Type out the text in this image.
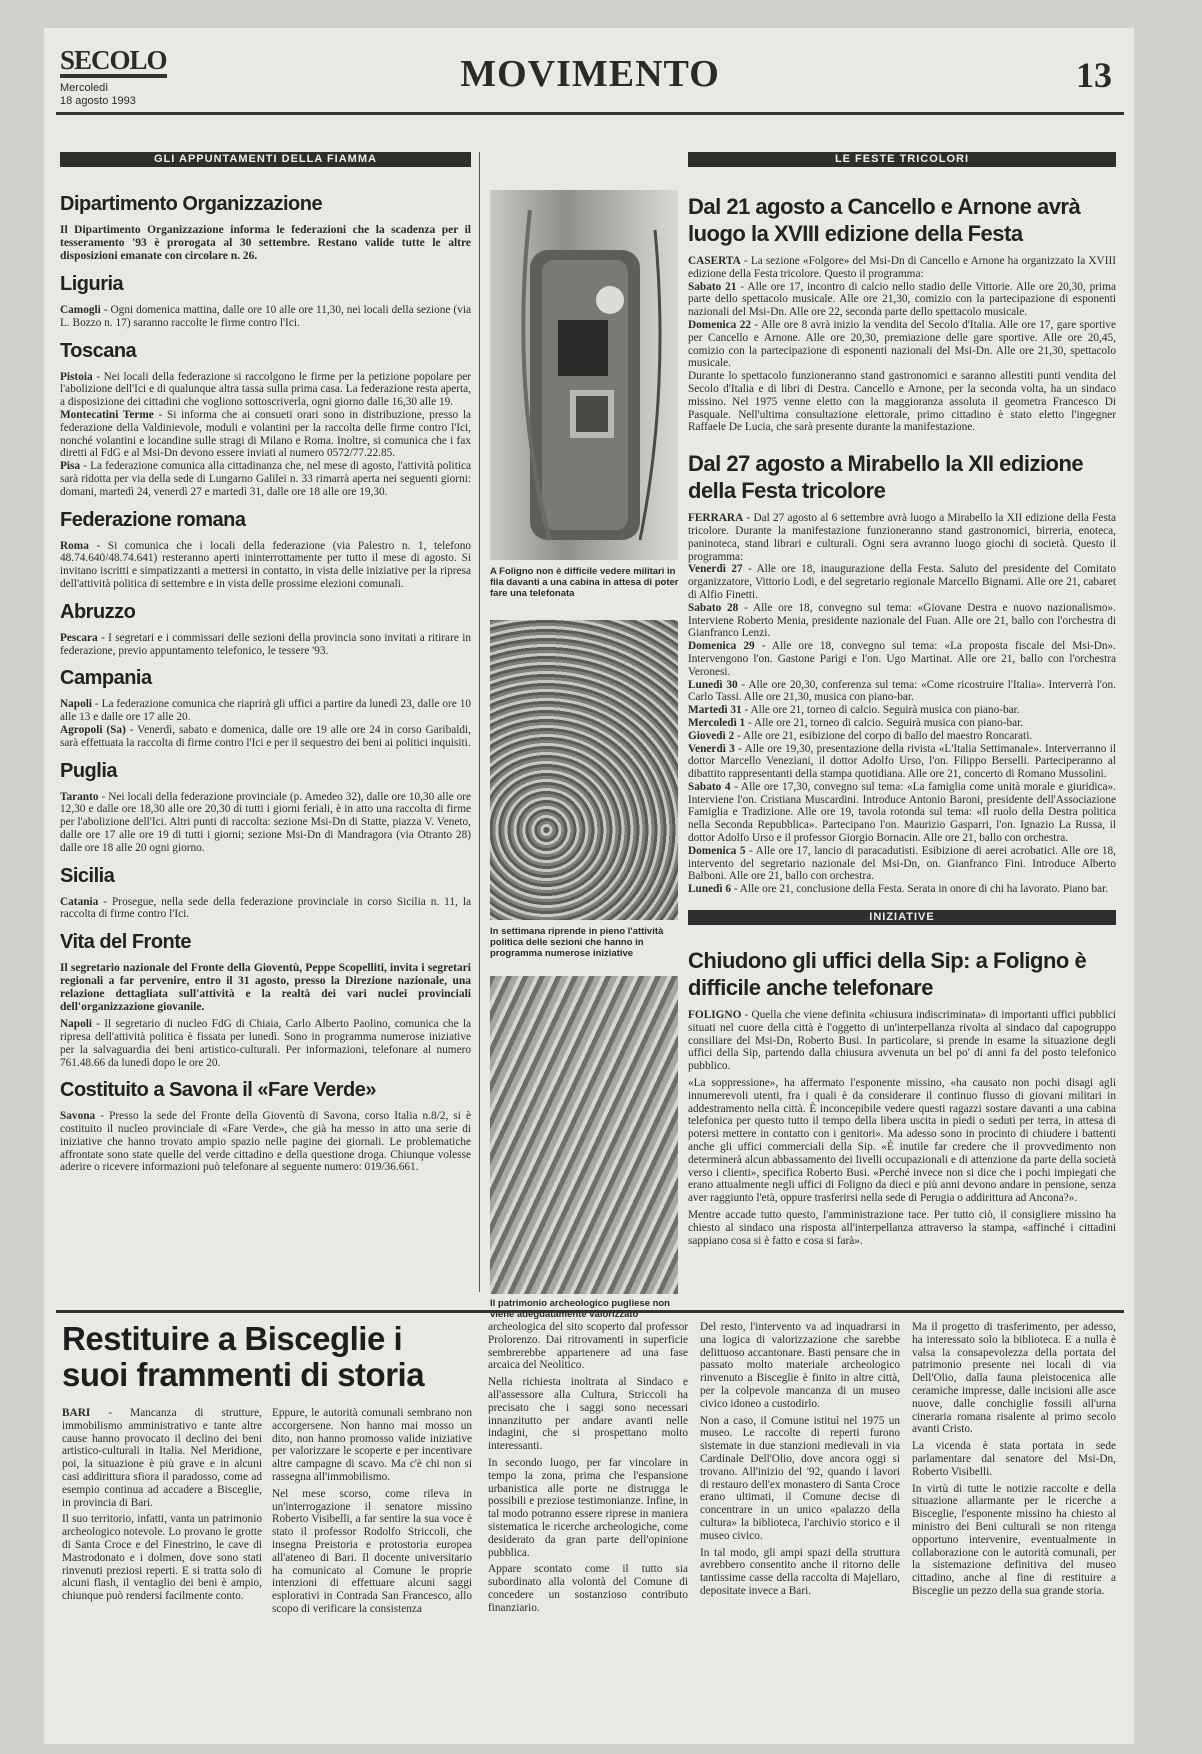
SECOLO
Mercoledì
18 agosto 1993
MOVIMENTO	13
GLI APPUNTAMENTI DELLA FIAMMA
Dipartimento Organizzazione

Il Dipartimento Organizzazione informa le federazioni che la scadenza per il tesseramento '93 è prorogata al 30 settembre. Restano valide tutte le altre disposizioni emanate con circolare n. 26.

Liguria

Camogli - Ogni domenica mattina, dalle ore 10 alle ore 11,30, nei locali della sezione (via L. Bozzo n. 17) saranno raccolte le firme contro l'Ici.

Toscana

Pistoia - Nei locali della federazione si raccolgono le firme per la petizione popolare per l'abolizione dell'Ici e di qualunque altra tassa sulla prima casa. La federazione resta aperta, a disposizione dei cittadini che vogliono sottoscriverla, ogni giorno dalle 16,30 alle 19.
Montecatini Terme - Si informa che ai consueti orari sono in distribuzione, presso la federazione della Valdinievole, moduli e volantini per la raccolta delle firme contro l'Ici, nonché volantini e locandine sulle stragi di Milano e Roma. Inoltre, si comunica che i fax diretti al FdG e al Msi-Dn devono essere inviati al numero 0572/77.22.85.
Pisa - La federazione comunica alla cittadinanza che, nel mese di agosto, l'attività politica sarà ridotta per via della sede di Lungarno Galilei n. 33 rimarrà aperta nei seguenti giorni: domani, martedì 24, venerdì 27 e martedì 31, dalle ore 18 alle ore 19,30.

Federazione romana

Roma - Si comunica che i locali della federazione (via Palestro n. 1, telefono 48.74.640/48.74.641) resteranno aperti ininterrottamente per tutto il mese di agosto. Si invitano iscritti e simpatizzanti a mettersi in contatto, in vista delle iniziative per la ripresa dell'attività politica di settembre e in vista delle prossime elezioni comunali.

Abruzzo

Pescara - I segretari e i commissari delle sezioni della provincia sono invitati a ritirare in federazione, previo appuntamento telefonico, le tessere '93.

Campania

Napoli - La federazione comunica che riaprirà gli uffici a partire da lunedì 23, dalle ore 10 alle 13 e dalle ore 17 alle 20.
Agropoli (Sa) - Venerdì, sabato e domenica, dalle ore 19 alle ore 24 in corso Garibaldi, sarà effettuata la raccolta di firme contro l'Ici e per il sequestro dei beni ai politici inquisiti.

Puglia

Taranto - Nei locali della federazione provinciale (p. Amedeo 32), dalle ore 10,30 alle ore 12,30 e dalle ore 18,30 alle ore 20,30 di tutti i giorni feriali, è in atto una raccolta di firme per l'abolizione dell'Ici. Altri punti di raccolta: sezione Msi-Dn di Statte, piazza V. Veneto, dalle ore 17 alle ore 19 di tutti i giorni; sezione Msi-Dn di Mandragora (via Otranto 28) dalle ore 18 alle 20 ogni giorno.

Sicilia

Catania - Prosegue, nella sede della federazione provinciale in corso Sicilia n. 11, la raccolta di firme contro l'Ici.

Vita del Fronte

Il segretario nazionale del Fronte della Gioventù, Peppe Scopelliti, invita i segretari regionali a far pervenire, entro il 31 agosto, presso la Direzione nazionale, una relazione dettagliata sull'attività e la realtà dei vari nuclei provinciali dell'organizzazione giovanile.

Napoli - Il segretario di nucleo FdG di Chiaia, Carlo Alberto Paolino, comunica che la ripresa dell'attività politica è fissata per lunedì. Sono in programma numerose iniziative per la salvaguardia dei beni artistico-culturali. Per informazioni, telefonare al numero 761.48.66 da lunedì dopo le ore 20.

Costituito a Savona il «Fare Verde»

Savona - Presso la sede del Fronte della Gioventù di Savona, corso Italia n.8/2, si è costituito il nucleo provinciale di «Fare Verde», che già ha messo in atto una serie di iniziative che hanno trovato ampio spazio nelle pagine dei giornali. Le problematiche affrontate sono state quelle del verde cittadino e della questione droga. Chiunque volesse aderire o ricevere informazioni può telefonare al seguente numero: 019/36.661.

A Foligno non è difficile vedere militari in fila davanti a una cabina in attesa di poter fare una telefonata
In settimana riprende in pieno l'attività politica delle sezioni che hanno in programma numerose iniziative
Il patrimonio archeologico pugliese non viene adeguatamente valorizzato
LE FESTE TRICOLORI
Dal 21 agosto a Cancello e Arnone avrà luogo la XVIII edizione della Festa

CASERTA - La sezione «Folgore» del Msi-Dn di Cancello e Arnone ha organizzato la XVIII edizione della Festa tricolore. Questo il programma:
Sabato 21 - Alle ore 17, incontro di calcio nello stadio delle Vittorie. Alle ore 20,30, prima parte dello spettacolo musicale. Alle ore 21,30, comizio con la partecipazione di esponenti nazionali del Msi-Dn. Alle ore 22, seconda parte dello spettacolo musicale.
Domenica 22 - Alle ore 8 avrà inizio la vendita del Secolo d'Italia. Alle ore 17, gare sportive per Cancello e Arnone. Alle ore 20,30, premiazione delle gare sportive. Alle ore 20,45, comizio con la partecipazione di esponenti nazionali del Msi-Dn. Alle ore 21,30, spettacolo musicale.
Durante lo spettacolo funzioneranno stand gastronomici e saranno allestiti punti vendita del Secolo d'Italia e di libri di Destra. Cancello e Arnone, per la seconda volta, ha un sindaco missino. Nel 1975 venne eletto con la maggioranza assoluta il geometra Francesco Di Pasquale. Nell'ultima consultazione elettorale, primo cittadino è stato eletto l'ingegner Raffaele De Lucia, che sarà presente durante la manifestazione.

Dal 27 agosto a Mirabello la XII edizione della Festa tricolore

FERRARA - Dal 27 agosto al 6 settembre avrà luogo a Mirabello la XII edizione della Festa tricolore. Durante la manifestazione funzioneranno stand gastronomici, birreria, enoteca, paninoteca, stand librari e culturali. Ogni sera avranno luogo giochi di società. Questo il programma:
Venerdì 27 - Alle ore 18, inaugurazione della Festa. Saluto del presidente del Comitato organizzatore, Vittorio Lodi, e del segretario regionale Marcello Bignami. Alle ore 21, cabaret di Alfio Finetti.
Sabato 28 - Alle ore 18, convegno sul tema: «Giovane Destra e nuovo nazionalismo». Interviene Roberto Menia, presidente nazionale del Fuan. Alle ore 21, ballo con l'orchestra di Gianfranco Lenzi.
Domenica 29 - Alle ore 18, convegno sul tema: «La proposta fiscale del Msi-Dn». Intervengono l'on. Gastone Parigi e l'on. Ugo Martinat. Alle ore 21, ballo con l'orchestra Veronesi.
Lunedì 30 - Alle ore 20,30, conferenza sul tema: «Come ricostruire l'Italia». Interverrà l'on. Carlo Tassi. Alle ore 21,30, musica con piano-bar.
Martedì 31 - Alle ore 21, torneo di calcio. Seguirà musica con piano-bar.
Mercoledì 1 - Alle ore 21, torneo di calcio. Seguirà musica con piano-bar.
Giovedì 2 - Alle ore 21, esibizione del corpo di ballo del maestro Roncarati.
Venerdì 3 - Alle ore 19,30, presentazione della rivista «L'Italia Settimanale». Interverranno il dottor Marcello Veneziani, il dottor Adolfo Urso, l'on. Filippo Berselli. Parteciperanno al dibattito rappresentanti della stampa quotidiana. Alle ore 21, concerto di Romano Mussolini.
Sabato 4 - Alle ore 17,30, convegno sul tema: «La famiglia come unità morale e giuridica». Interviene l'on. Cristiana Muscardini. Introduce Antonio Baroni, presidente dell'Associazione Famiglia e Tradizione. Alle ore 19, tavola rotonda sul tema: «Il ruolo della Destra politica nella Seconda Repubblica». Partecipano l'on. Maurizio Gasparri, l'on. Ignazio La Russa, il dottor Adolfo Urso e il professor Giorgio Bornacin. Alle ore 21, ballo con orchestra.
Domenica 5 - Alle ore 17, lancio di paracadutisti. Esibizione di aerei acrobatici. Alle ore 18, intervento del segretario nazionale del Msi-Dn, on. Gianfranco Fini. Introduce Alberto Balboni. Alle ore 21, ballo con orchestra.
Lunedì 6 - Alle ore 21, conclusione della Festa. Serata in onore di chi ha lavorato. Piano bar.

INIZIATIVE
Chiudono gli uffici della Sip: a Foligno è difficile anche telefonare

FOLIGNO - Quella che viene definita «chiusura indiscriminata» di importanti uffici pubblici situati nel cuore della città è l'oggetto di un'interpellanza rivolta al sindaco dal capogruppo consiliare del Msi-Dn, Roberto Busi. In particolare, si prende in esame la situazione degli uffici della Sip, partendo dalla chiusura avvenuta un bel po' di anni fa del posto telefonico pubblico.

«La soppressione», ha affermato l'esponente missino, «ha causato non pochi disagi agli innumerevoli utenti, fra i quali è da considerare il continuo flusso di giovani militari in addestramento nella città. È inconcepibile vedere questi ragazzi sostare davanti a una cabina telefonica per questo tutto il tempo della libera uscita in piedi o seduti per terra, in attesa di potersi mettere in contatto con i genitori». Ma adesso sono in procinto di chiudere i battenti anche gli uffici commerciali della Sip. «È inutile far credere che il provvedimento non determinerà alcun abbassamento dei livelli occupazionali e di attenzione da parte della società verso i clienti», specifica Roberto Busi. «Perché invece non si dice che i pochi impiegati che erano attualmente negli uffici di Foligno da dieci e più anni devono andare in pensione, senza aver raggiunto l'età, oppure trasferirsi nella sede di Perugia o addirittura ad Ancona?».

Mentre accade tutto questo, l'amministrazione tace. Per tutto ciò, il consigliere missino ha chiesto al sindaco una risposta all'interpellanza attraverso la stampa, «affinché i cittadini sappiano cosa si è fatto e cosa si farà».

Restituire a Bisceglie i suoi frammenti di storia

BARI - Mancanza di strutture, immobilismo amministrativo e tante altre cause hanno provocato il declino dei beni artistico-culturali in Italia. Nel Meridione, poi, la situazione è più grave e in alcuni casi addirittura sfiora il paradosso, come ad esempio continua ad accadere a Bisceglie, in provincia di Bari.

Il suo territorio, infatti, vanta un patrimonio archeologico notevole. Lo provano le grotte di Santa Croce e del Finestrino, le cave di Mastrodonato e i dolmen, dove sono stati rinvenuti preziosi reperti. E si tratta solo di alcuni flash, il ventaglio dei beni è ampio, chiunque può rendersi facilmente conto.

Eppure, le autorità comunali sembrano non accorgersene. Non hanno mai mosso un dito, non hanno promosso valide iniziative per valorizzare le scoperte e per incentivare altre campagne di scavo. Ma c'è chi non si rassegna all'immobilismo.

Nel mese scorso, come rileva in un'interrogazione il senatore missino Roberto Visibelli, a far sentire la sua voce è stato il professor Rodolfo Striccoli, che insegna Preistoria e protostoria europea all'ateneo di Bari. Il docente universitario ha comunicato al Comune le proprie intenzioni di effettuare alcuni saggi esplorativi in Contrada San Francesco, allo scopo di verificare la consistenza

archeologica del sito scoperto dal professor Prolorenzo. Dai ritrovamenti in superficie sembrerebbe appartenere ad una fase arcaica del Neolitico.

Nella richiesta inoltrata al Sindaco e all'assessore alla Cultura, Striccoli ha precisato che i saggi sono necessari innanzitutto per andare avanti nelle indagini, che si prospettano molto interessanti.

In secondo luogo, per far vincolare in tempo la zona, prima che l'espansione urbanistica alle porte ne distrugga le possibili e preziose testimonianze. Infine, in tal modo potranno essere riprese in maniera sistematica le ricerche archeologiche, come desiderato da gran parte dell'opinione pubblica.

Appare scontato come il tutto sia subordinato alla volontà del Comune di concedere un sostanzioso contributo finanziario.

Del resto, l'intervento va ad inquadrarsi in una logica di valorizzazione che sarebbe delittuoso accantonare. Basti pensare che in passato molto materiale archeologico rinvenuto a Bisceglie è finito in altre città, per la colpevole mancanza di un museo civico idoneo a custodirlo.

Non a caso, il Comune istituì nel 1975 un museo. Le raccolte di reperti furono sistemate in due stanzioni medievali in via Cardinale Dell'Olio, dove ancora oggi si trovano. All'inizio del '92, quando i lavori di restauro dell'ex monastero di Santa Croce erano ultimati, il Comune decise di concentrare in un unico «palazzo della cultura» la biblioteca, l'archivio storico e il museo civico.

In tal modo, gli ampi spazi della struttura avrebbero consentito anche il ritorno delle tantissime casse della raccolta di Majellaro, depositate invece a Bari.

Ma il progetto di trasferimento, per adesso, ha interessato solo la biblioteca. E a nulla è valsa la consapevolezza della portata del patrimonio presente nei locali di via Dell'Olio, dalla fauna pleistocenica alle ceramiche impresse, dalle incisioni alle asce nuove, dalle conchiglie fossili all'urna cineraria romana risalente al primo secolo avanti Cristo.

La vicenda è stata portata in sede parlamentare dal senatore del Msi-Dn, Roberto Visibelli.

In virtù di tutte le notizie raccolte e della situazione allarmante per le ricerche a Bisceglie, l'esponente missino ha chiesto al ministro dei Beni culturali se non ritenga opportuno intervenire, eventualmente in collaborazione con le autorità comunali, per la sistemazione definitiva del museo cittadino, anche al fine di restituire a Bisceglie un pezzo della sua grande storia.
